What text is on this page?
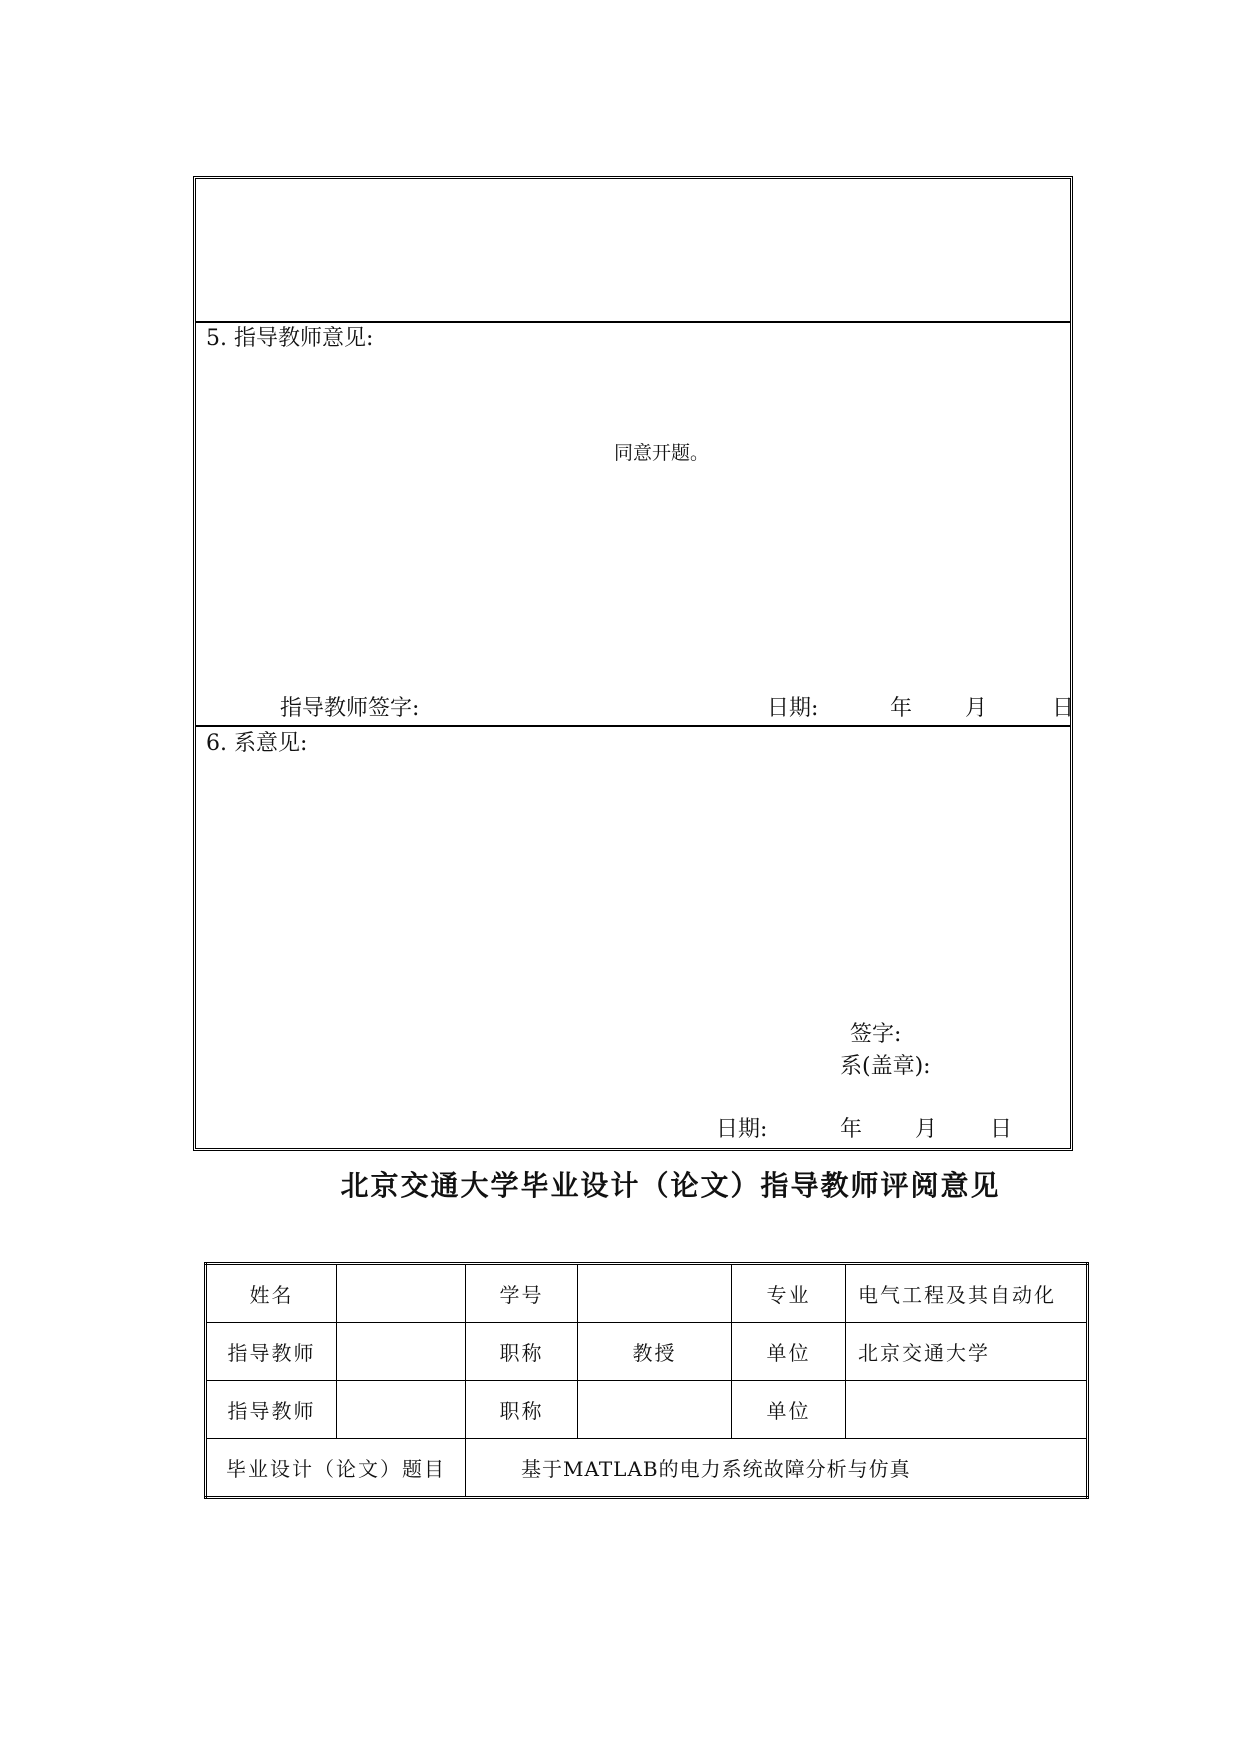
5. 指导教师意见:
同意开题。
指导教师签字:	日期:	年 月	日
6. 系意见:
签字:
系(盖章):
日期:	年 月 日
北京交通大学毕业设计（论文）指导教师评阅意见
姓名		学号		专业	电气工程及其自动化
指导教师		职称	教授	单位	北京交通大学
指导教师		职称		单位	
毕业设计（论文）题目		基于MATLAB的电力系统故障分析与仿真			
